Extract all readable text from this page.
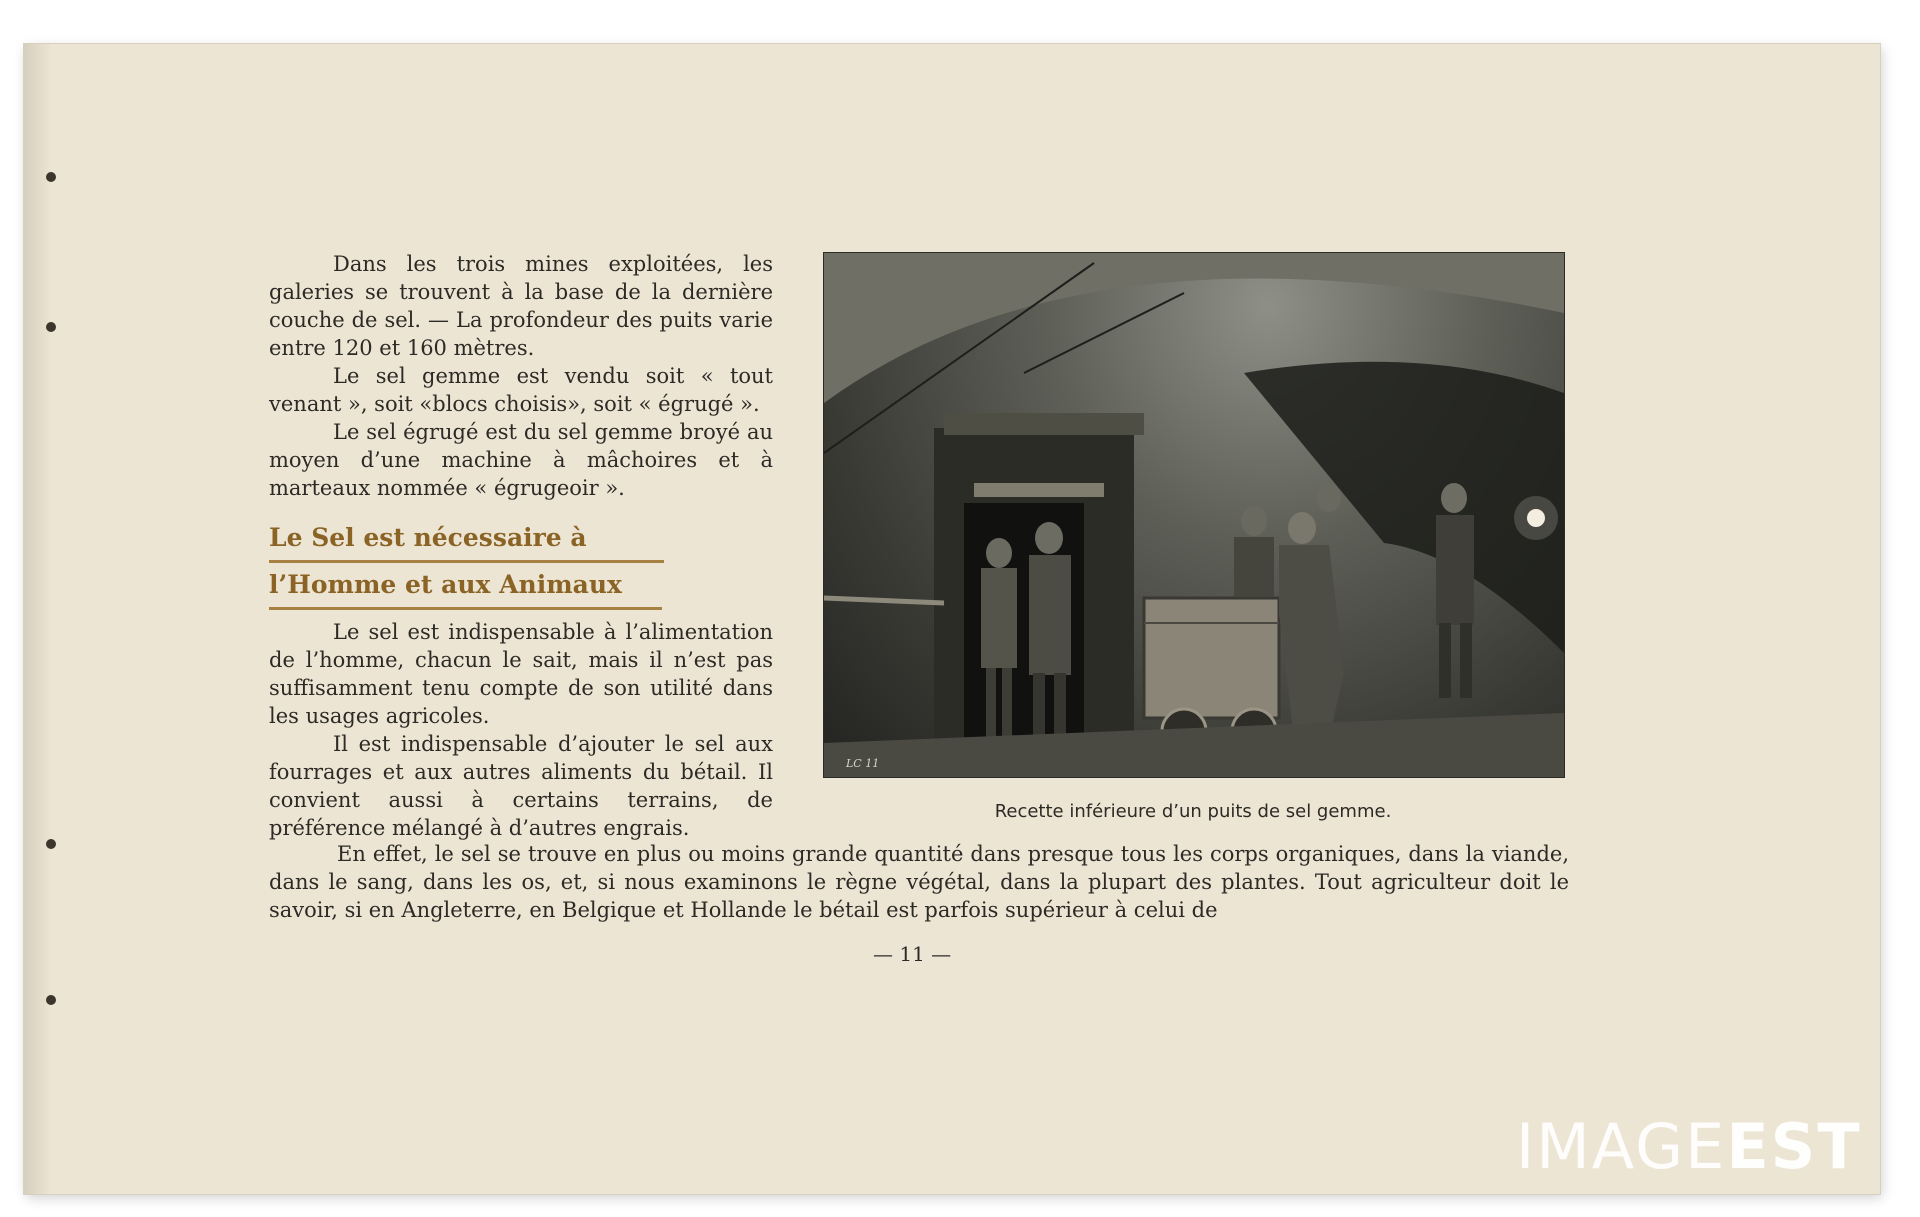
Dans les trois mines exploitées, les galeries se trouvent à la base de la dernière couche de sel. — La profondeur des puits varie entre 120 et 160 mètres.

Le sel gemme est vendu soit « tout venant », soit «blocs choisis», soit « égrugé ».

Le sel égrugé est du sel gemme broyé au moyen d’une machine à mâchoires et à marteaux nommée « égrugeoir ».

Le Sel est nécessaire à
l’Homme et aux Animaux

Le sel est indispensable à l’alimentation de l’homme, chacun le sait, mais il n’est pas suffisamment tenu compte de son utilité dans les usages agricoles.

Il est indispensable d’ajouter le sel aux fourrages et aux autres aliments du bétail. Il convient aussi à certains terrains, de préférence mélangé à d’autres engrais.

LC 11
Recette inférieure d’un puits de sel gemme.

En effet, le sel se trouve en plus ou moins grande quantité dans presque tous les corps organiques, dans la viande, dans le sang, dans les os, et, si nous examinons le règne végétal, dans la plupart des plantes. Tout agriculteur doit le savoir, si en Angleterre, en Belgique et Hollande le bétail est parfois supérieur à celui de

— 11 —
IMAGEEST
